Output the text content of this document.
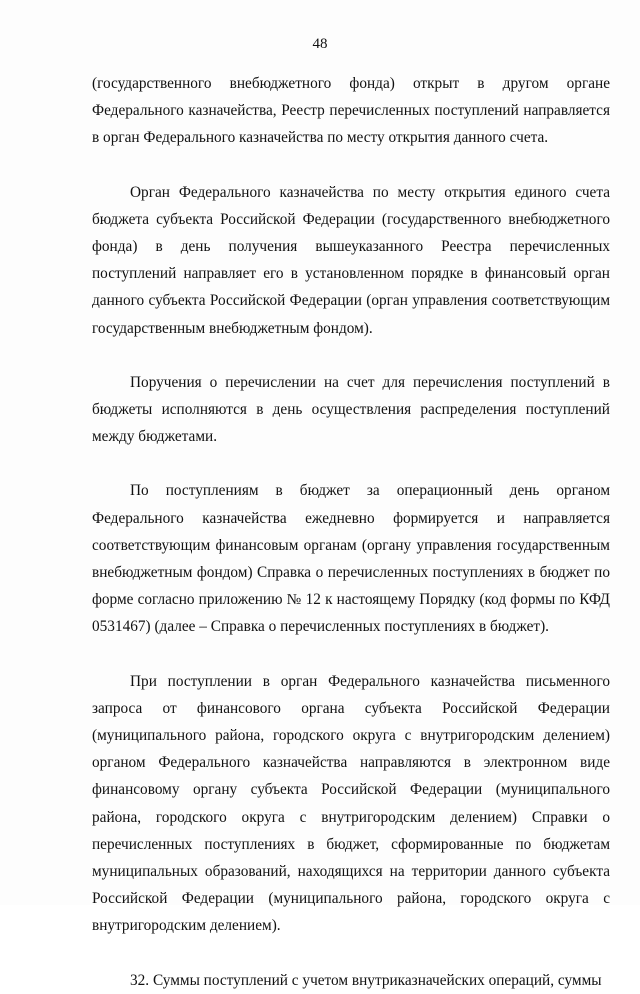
48

(государственного внебюджетного фонда) открыт в другом органе Федерального казначейства, Реестр перечисленных поступлений направляется в орган Федерального казначейства по месту открытия данного счета.

Орган Федерального казначейства по месту открытия единого счета бюджета субъекта Российской Федерации (государственного внебюджетного фонда) в день получения вышеуказанного Реестра перечисленных поступлений направляет его в установленном порядке в финансовый орган данного субъекта Российской Федерации (орган управления соответствующим государственным внебюджетным фондом).

Поручения о перечислении на счет для перечисления поступлений в бюджеты исполняются в день осуществления распределения поступлений между бюджетами.

По поступлениям в бюджет за операционный день органом Федерального казначейства ежедневно формируется и направляется соответствующим финансовым органам (органу управления государственным внебюджетным фондом) Справка о перечисленных поступлениях в бюджет по форме согласно приложению № 12 к настоящему Порядку (код формы по КФД 0531467) (далее – Справка о перечисленных поступлениях в бюджет).

При поступлении в орган Федерального казначейства письменного запроса от финансового органа субъекта Российской Федерации (муниципального района, городского округа с внутригородским делением) органом Федерального казначейства направляются в электронном виде финансовому органу субъекта Российской Федерации (муниципального района, городского округа с внутригородским делением) Справки о перечисленных поступлениях в бюджет, сформированные по бюджетам муниципальных образований, находящихся на территории данного субъекта Российской Федерации (муниципального района, городского округа с внутригородским делением).

32. Суммы поступлений с учетом внутриказначейских операций, суммы
